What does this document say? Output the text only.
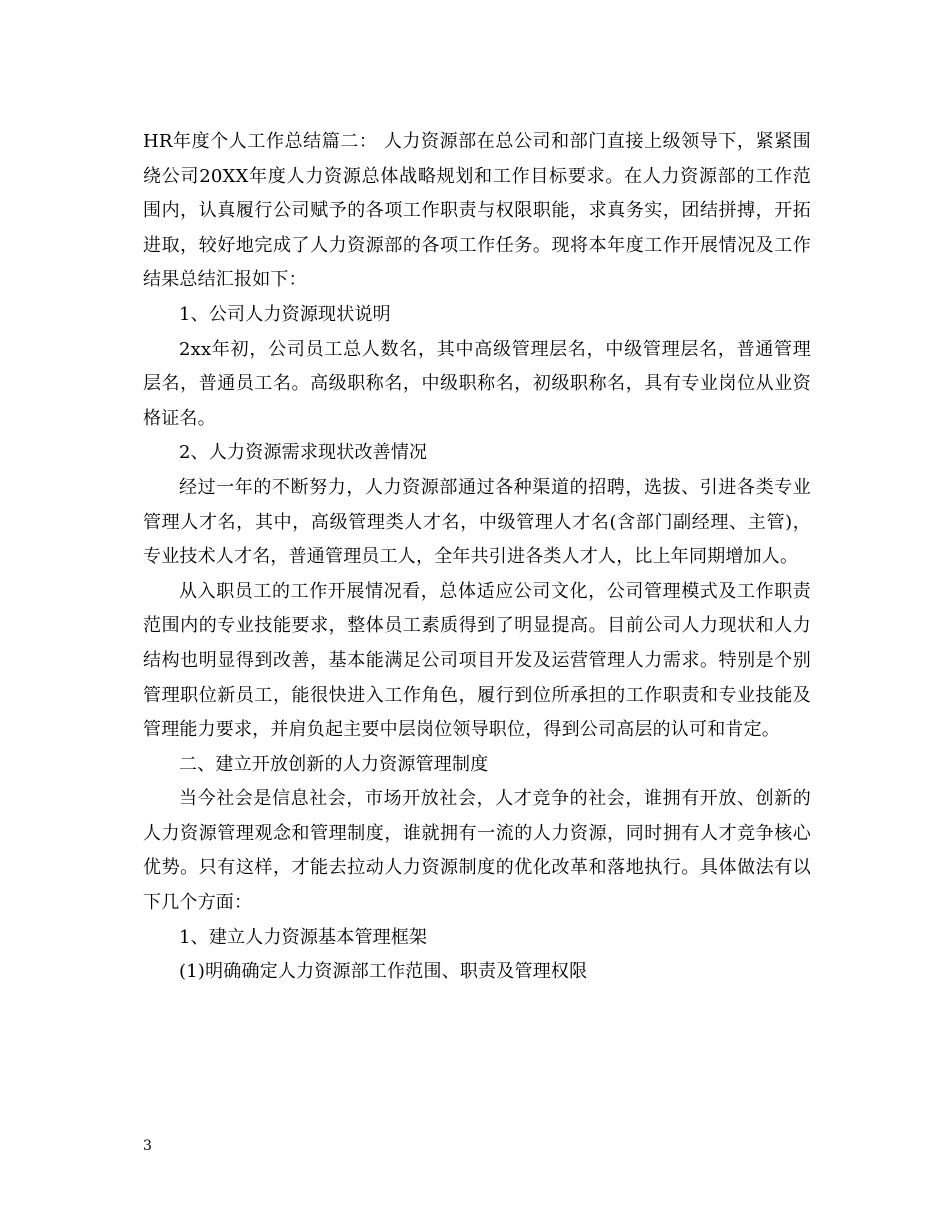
HR年度个人工作总结篇二： 人力资源部在总公司和部门直接上级领导下，紧紧围绕公司20XX年度人力资源总体战略规划和工作目标要求。在人力资源部的工作范围内，认真履行公司赋予的各项工作职责与权限职能，求真务实，团结拼搏，开拓进取，较好地完成了人力资源部的各项工作任务。现将本年度工作开展情况及工作结果总结汇报如下：

1、公司人力资源现状说明

2xx年初，公司员工总人数名，其中高级管理层名，中级管理层名，普通管理层名，普通员工名。高级职称名，中级职称名，初级职称名，具有专业岗位从业资格证名。

2、人力资源需求现状改善情况

经过一年的不断努力，人力资源部通过各种渠道的招聘，选拔、引进各类专业管理人才名，其中，高级管理类人才名，中级管理人才名(含部门副经理、主管)，专业技术人才名，普通管理员工人，全年共引进各类人才人，比上年同期增加人。

从入职员工的工作开展情况看，总体适应公司文化，公司管理模式及工作职责范围内的专业技能要求，整体员工素质得到了明显提高。目前公司人力现状和人力结构也明显得到改善，基本能满足公司项目开发及运营管理人力需求。特别是个别管理职位新员工，能很快进入工作角色，履行到位所承担的工作职责和专业技能及管理能力要求，并肩负起主要中层岗位领导职位，得到公司高层的认可和肯定。

二、建立开放创新的人力资源管理制度

当今社会是信息社会，市场开放社会，人才竞争的社会，谁拥有开放、创新的人力资源管理观念和管理制度，谁就拥有一流的人力资源，同时拥有人才竞争核心优势。只有这样，才能去拉动人力资源制度的优化改革和落地执行。具体做法有以下几个方面：

1、建立人力资源基本管理框架

(1)明确确定人力资源部工作范围、职责及管理权限

3
